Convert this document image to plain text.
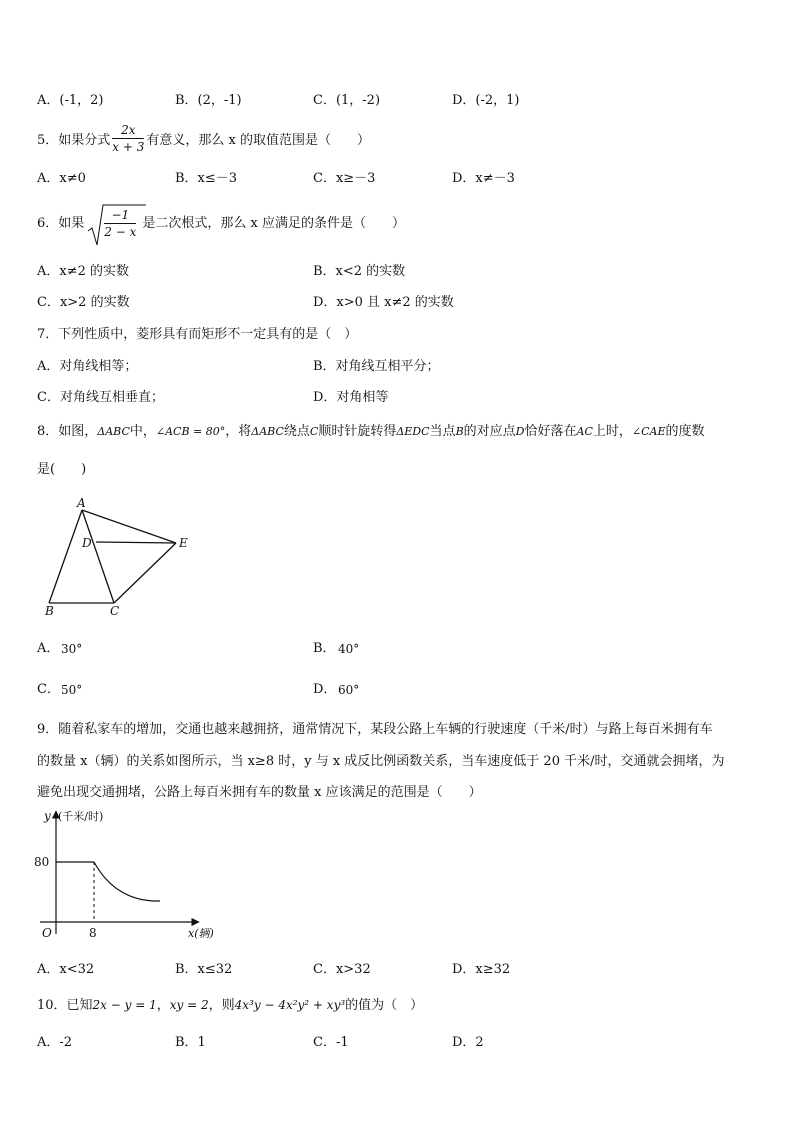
A．(-1，2)	B．(2，-1)	C．(1，-2)	D．(-2，1)
5．如果分式 $\frac{2x}{x + 3}$ 有意义，那么 x 的取值范围是（　　）
A．x≠0	B．x≤－3	C．x≥－3	D．x≠－3
6．如果 $\frac{-1}{2 - x}$ 是二次根式，那么 x 应满足的条件是（　　）
A．x≠2 的实数	B．x<2 的实数
C．x>2 的实数	D．x>0 且 x≠2 的实数
7．下列性质中，菱形具有而矩形不一定具有的是（　）
A．对角线相等；	B．对角线互相平分；
C．对角线互相垂直；	D．对角相等
8．如图，ΔABC中，∠ACB = 80°，将ΔABC绕点C顺时针旋转得ΔEDC当点B的对应点D恰好落在AC上时，∠CAE的度数
是(　　)
A
D	E
B	C
A． 30°	B． 40°
C． 50°	D． 60°
9．随着私家车的增加，交通也越来越拥挤，通常情况下，某段公路上车辆的行驶速度（千米/时）与路上每百米拥有车
的数量 x（辆）的关系如图所示，当 x≥8 时，y 与 x 成反比例函数关系，当车速度低于 20 千米/时，交通就会拥堵，为
避免出现交通拥堵，公路上每百米拥有车的数量 x 应该满足的范围是（　　）
y (千米/时)
80
O	8	x(辆)
A．x<32	B．x≤32	C．x>32	D．x≥32
10．已知2x − y = 1，xy = 2，则4x³y − 4x²y² + xy³的值为（　）
A．-2	B．1	C．-1	D．2
